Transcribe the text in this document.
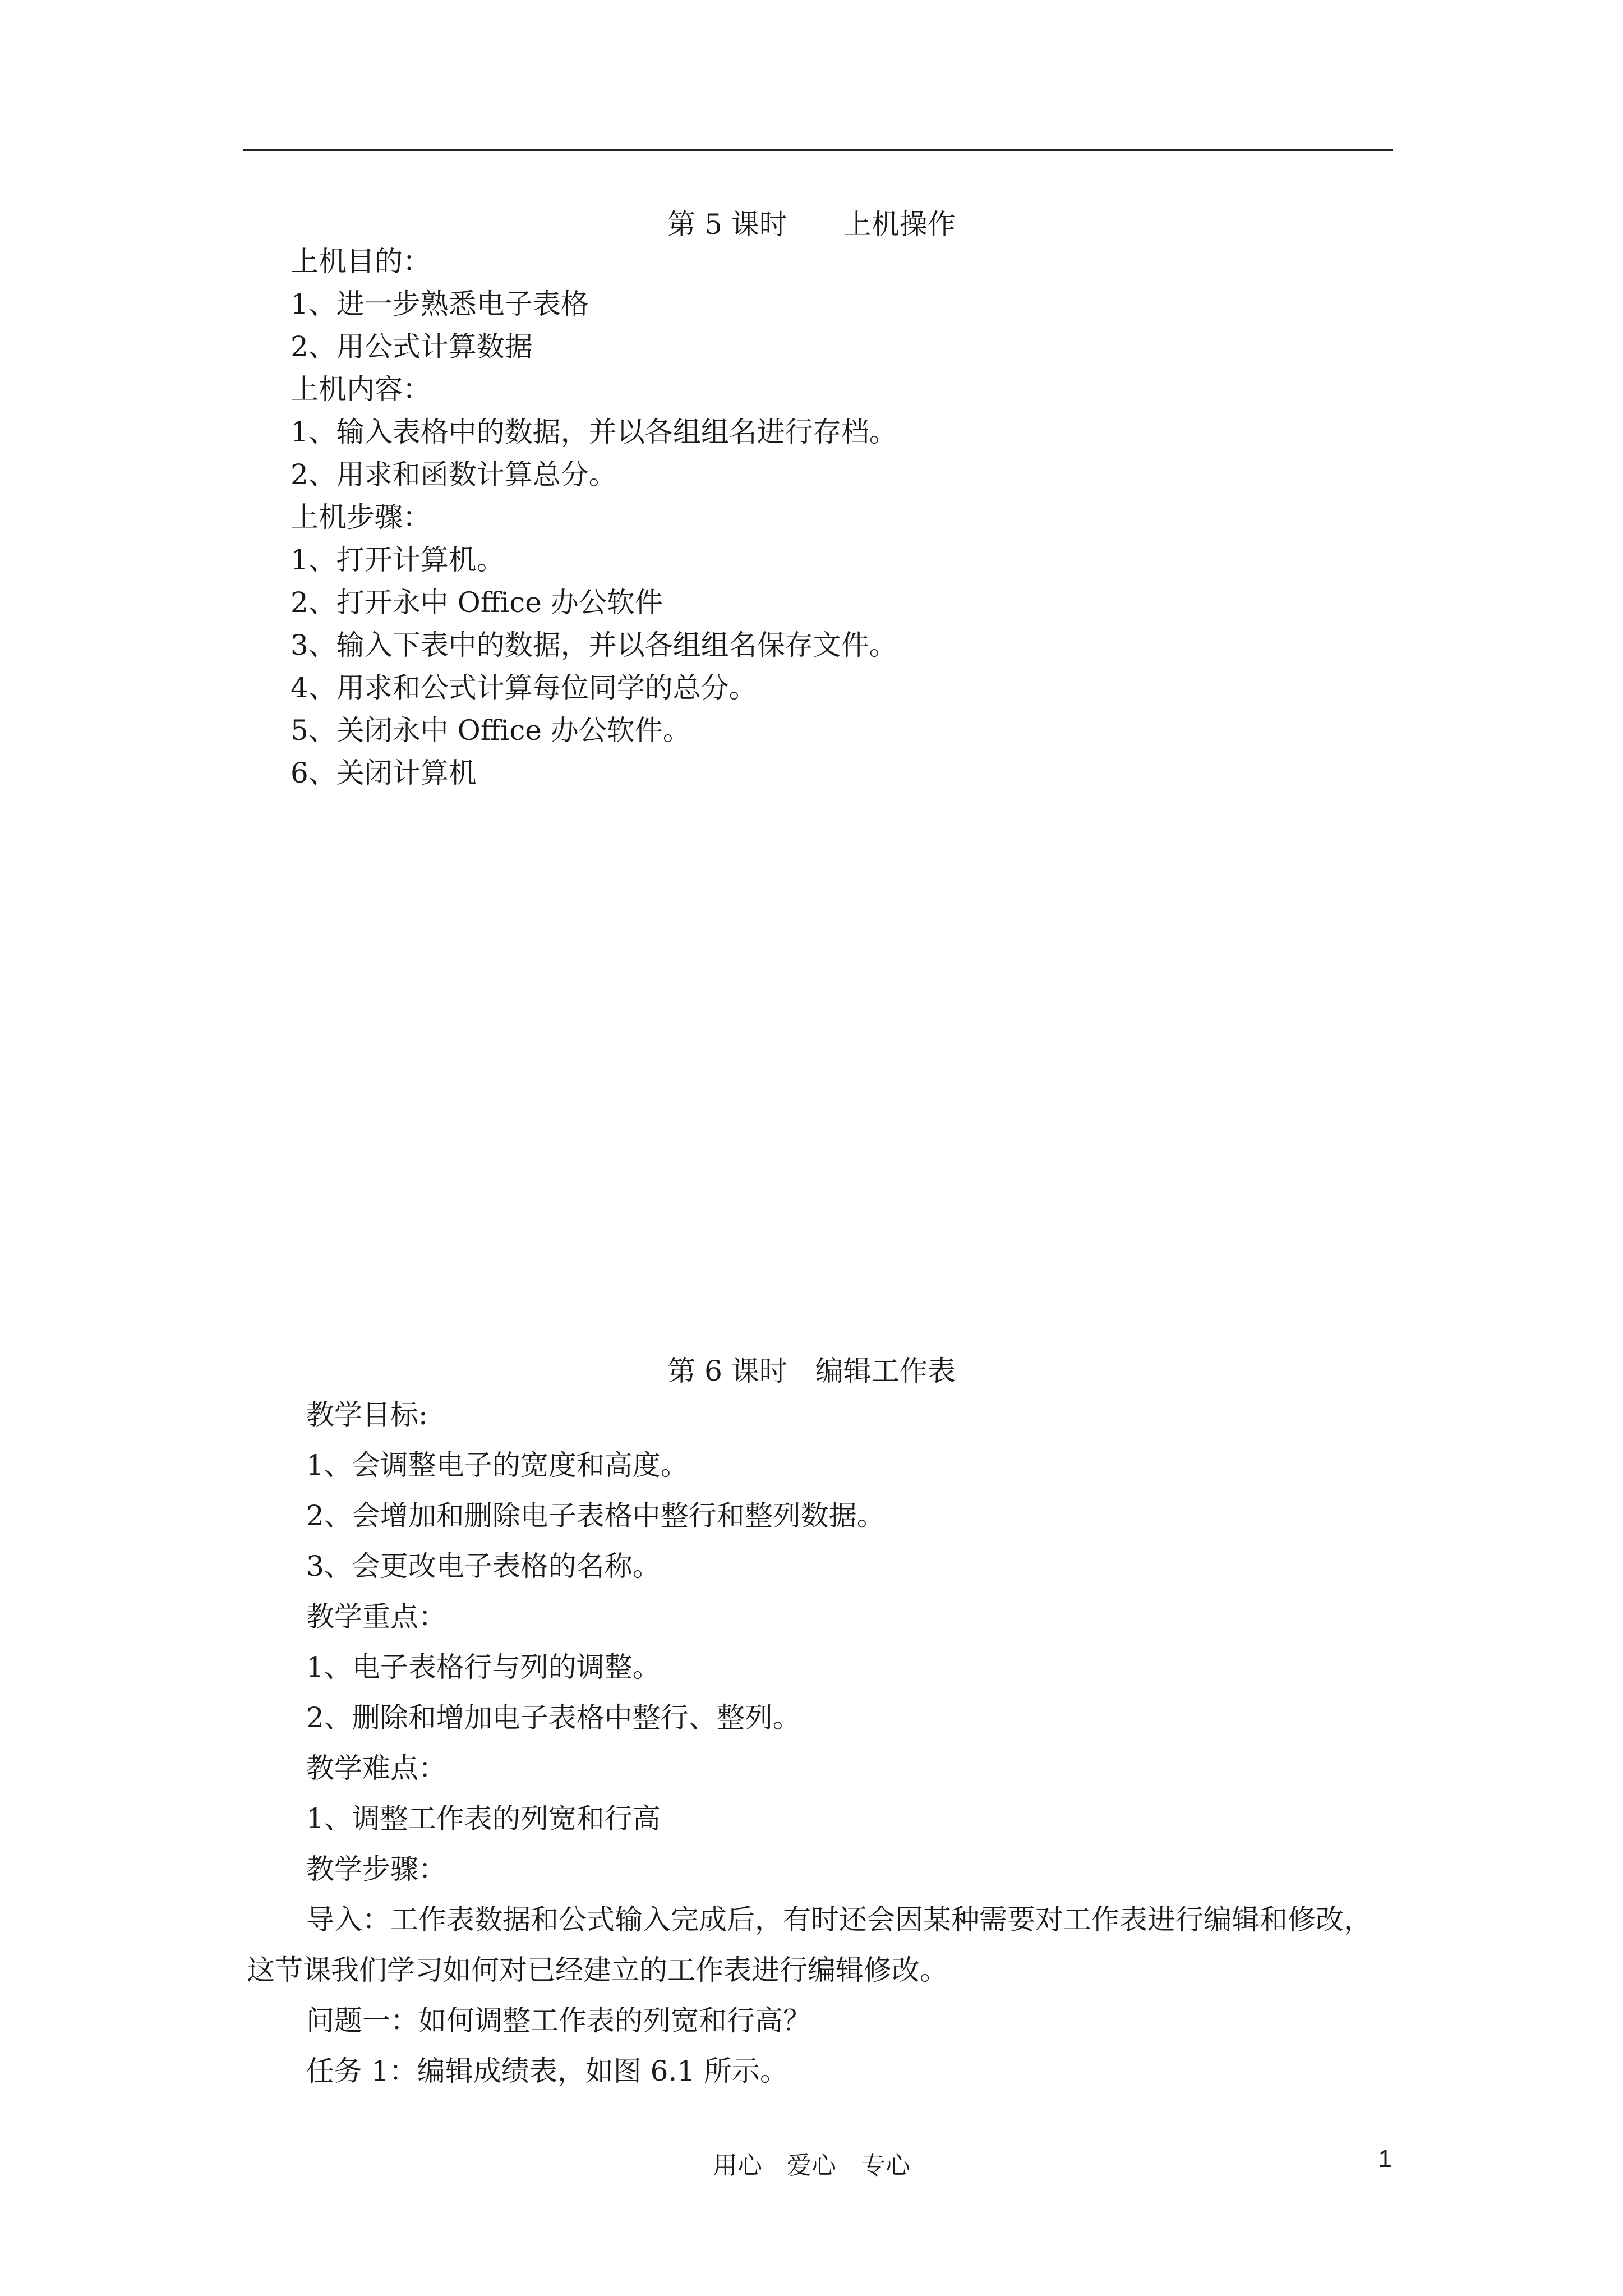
第 5 课时　　上机操作
上机目的：
1、进一步熟悉电子表格
2、用公式计算数据
上机内容：
1、输入表格中的数据，并以各组组名进行存档。
2、用求和函数计算总分。
上机步骤：
1、打开计算机。
2、打开永中 Office 办公软件
3、输入下表中的数据，并以各组组名保存文件。
4、用求和公式计算每位同学的总分。
5、关闭永中 Office 办公软件。
6、关闭计算机
第 6 课时　编辑工作表
教学目标:
1、会调整电子的宽度和高度。
2、会增加和删除电子表格中整行和整列数据。
3、会更改电子表格的名称。
教学重点：
1、电子表格行与列的调整。
2、删除和增加电子表格中整行、整列。
教学难点：
1、调整工作表的列宽和行高
教学步骤：
导入：工作表数据和公式输入完成后，有时还会因某种需要对工作表进行编辑和修改，
这节课我们学习如何对已经建立的工作表进行编辑修改。
问题一：如何调整工作表的列宽和行高？
任务 1：编辑成绩表，如图 6.1 所示。
用心　爱心　专心	1
